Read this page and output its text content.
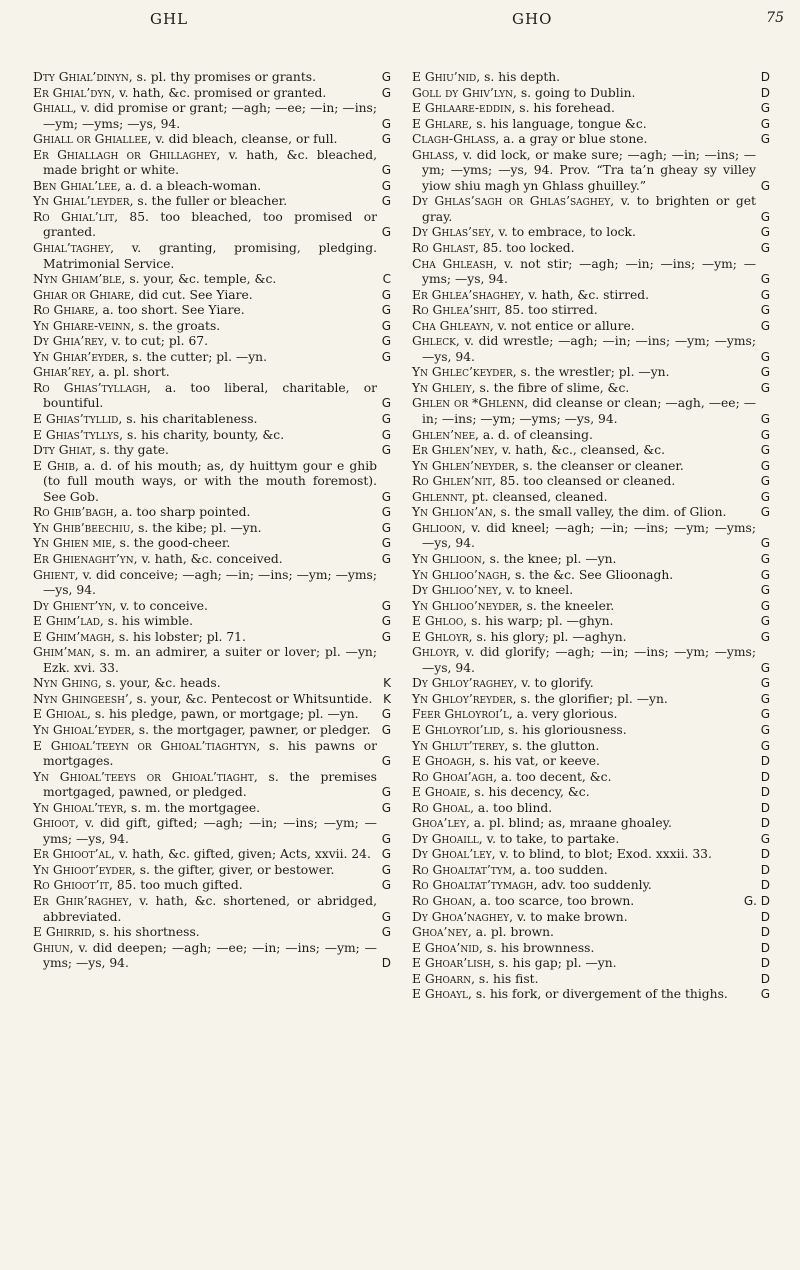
GHL	GHO	75

Dty Ghial’dinyn, s. pl. thy promises or grants.	G

Er Ghial’dyn, v. hath, &c. promised or granted.	G

Ghiall, v. did promise or grant; —agh; —ee; —in; —ins; —ym; —yms; —ys, 94.	G

Ghiall or Ghiallee, v. did bleach, cleanse, or full.	G

Er Ghiallagh or Ghillaghey, v. hath, &c. bleached, made bright or white.	G

Ben Ghial’lee, a. d. a bleach-woman.	G

Yn Ghial’leyder, s. the fuller or bleacher.	G

Ro Ghial’lit, 85. too bleached, too promised or granted.	G

Ghial’taghey, v. granting, promising, pledging. Matrimonial Service.

Nyn Ghiam’ble, s. your, &c. temple, &c.	C

Ghiar or Ghiare, did cut. See Yiare.	G

Ro Ghiare, a. too short. See Yiare.	G

Yn Ghiare-veinn, s. the groats.	G

Dy Ghia’rey, v. to cut; pl. 67.	G

Yn Ghiar’eyder, s. the cutter; pl. —yn.	G

Ghiar’rey, a. pl. short.

Ro Ghias’tyllagh, a. too liberal, charitable, or bountiful.	G

E Ghias’tyllid, s. his charitableness.	G

E Ghias’tyllys, s. his charity, bounty, &c.	G

Dty Ghiat, s. thy gate.	G

E Ghib, a. d. of his mouth; as, dy huittym gour e ghib (to full mouth ways, or with the mouth foremost). See Gob.	G

Ro Ghib’bagh, a. too sharp pointed.	G

Yn Ghib’beechiu, s. the kibe; pl. —yn.	G

Yn Ghien mie, s. the good-cheer.	G

Er Ghienaght’yn, v. hath, &c. conceived.	G

Ghient, v. did conceive; —agh; —in; —ins; —ym; —yms; —ys, 94.

Dy Ghient’yn, v. to conceive.	G

E Ghim’lad, s. his wimble.	G

E Ghim’magh, s. his lobster; pl. 71.	G

Ghim’man, s. m. an admirer, a suiter or lover; pl. —yn; Ezk. xvi. 33.

Nyn Ghing, s. your, &c. heads.	K

Nyn Ghingeesh’, s. your, &c. Pentecost or Whitsuntide. K

E Ghioal, s. his pledge, pawn, or mortgage; pl. —yn. G

Yn Ghioal’eyder, s. the mortgager, pawner, or pledger. G

E Ghioal’teeyn or Ghioal’tiaghtyn, s. his pawns or mortgages.	G

Yn Ghioal’teeys or Ghioal’tiaght, s. the premises mortgaged, pawned, or pledged.	G

Yn Ghioal’teyr, s. m. the mortgagee.	G

Ghioot, v. did gift, gifted; —agh; —in; —ins; —ym; —yms; —ys, 94.	G

Er Ghioot’al, v. hath, &c. gifted, given; Acts, xxvii. 24. G

Yn Ghioot’eyder, s. the gifter, giver, or bestower.	G

Ro Ghioot’it, 85. too much gifted.	G

Er Ghir’raghey, v. hath, &c. shortened, or abridged, abbreviated.	G

E Ghirrid, s. his shortness.	G

Ghiun, v. did deepen; —agh; —ee; —in; —ins; —ym; —yms; —ys, 94.	D

E Ghiu’nid, s. his depth.	D

Goll dy Ghiv’lyn, s. going to Dublin.	D

E Ghlaare-eddin, s. his forehead.	G

E Ghlare, s. his language, tongue &c.	G

Clagh-Ghlass, a. a gray or blue stone.	G

Ghlass, v. did lock, or make sure; —agh; —in; —ins; —ym; —yms; —ys, 94. Prov. “Tra ta’n gheay sy villey yiow shiu magh yn Ghlass ghuilley.”	G

Dy Ghlas’sagh or Ghlas’saghey, v. to brighten or get gray.	G

Dy Ghlas’sey, v. to embrace, to lock.	G

Ro Ghlast, 85. too locked.	G

Cha Ghleash, v. not stir; —agh; —in; —ins; —ym; —yms; —ys, 94.	G

Er Ghlea’shaghey, v. hath, &c. stirred.	G

Ro Ghlea’shit, 85. too stirred.	G

Cha Ghleayn, v. not entice or allure.	G

Ghleck, v. did wrestle; —agh; —in; —ins; —ym; —yms; —ys, 94.	G

Yn Ghlec’keyder, s. the wrestler; pl. —yn.	G

Yn Ghleiy, s. the fibre of slime, &c.	G

Ghlen or *Ghlenn, did cleanse or clean; —agh, —ee; —in; —ins; —ym; —yms; —ys, 94.	G

Ghlen’nee, a. d. of cleansing.	G

Er Ghlen’ney, v. hath, &c., cleansed, &c.	G

Yn Ghlen’neyder, s. the cleanser or cleaner.	G

Ro Ghlen’nit, 85. too cleansed or cleaned.	G

Ghlennt, pt. cleansed, cleaned.	G

Yn Ghlion’an, s. the small valley, the dim. of Glion.	G

Ghlioon, v. did kneel; —agh; —in; —ins; —ym; —yms; —ys, 94.	G

Yn Ghlioon, s. the knee; pl. —yn.	G

Yn Ghlioo’nagh, s. the &c. See Glioonagh.	G

Dy Ghlioo’ney, v. to kneel.	G

Yn Ghlioo’neyder, s. the kneeler.	G

E Ghloo, s. his warp; pl. —ghyn.	G

E Ghloyr, s. his glory; pl. —aghyn.	G

Ghloyr, v. did glorify; —agh; —in; —ins; —ym; —yms; —ys, 94.	G

Dy Ghloy’raghey, v. to glorify.	G

Yn Ghloy’reyder, s. the glorifier; pl. —yn.	G

Feer Ghloyroi’l, a. very glorious.	G

E Ghloyroi’lid, s. his gloriousness.	G

Yn Ghlut’terey, s. the glutton.	G

E Ghoagh, s. his vat, or keeve.	D

Ro Ghoai’agh, a. too decent, &c.	D

E Ghoaie, s. his decency, &c.	D

Ro Ghoal, a. too blind.	D

Ghoa’ley, a. pl. blind; as, mraane ghoaley.	D

Dy Ghoaill, v. to take, to partake.	G

Dy Ghoal’ley, v. to blind, to blot; Exod. xxxii. 33.	D

Ro Ghoaltat’tym, a. too sudden.	D

Ro Ghoaltat’tymagh, adv. too suddenly.	D

Ro Ghoan, a. too scarce, too brown.	G. D

Dy Ghoa’naghey, v. to make brown.	D

Ghoa’ney, a. pl. brown.	D

E Ghoa’nid, s. his brownness.	D

E Ghoar’lish, s. his gap; pl. —yn.	D

E Ghoarn, s. his fist.	D

E Ghoayl, s. his fork, or divergement of the thighs.	G
